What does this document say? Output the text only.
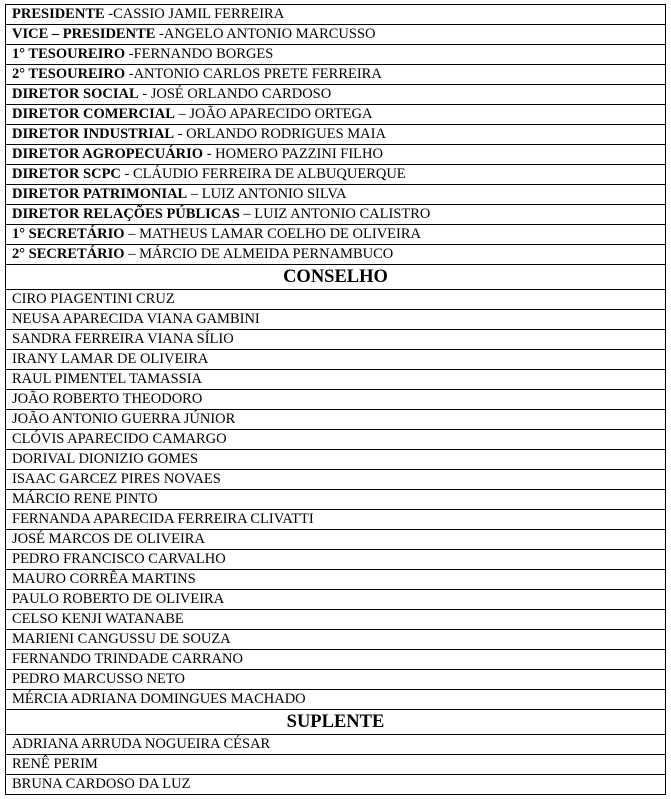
PRESIDENTE -CASSIO JAMIL FERREIRA
VICE – PRESIDENTE -ANGELO ANTONIO MARCUSSO
1° TESOUREIRO -FERNANDO BORGES
2° TESOUREIRO -ANTONIO CARLOS PRETE FERREIRA
DIRETOR SOCIAL - JOSÉ ORLANDO CARDOSO
DIRETOR COMERCIAL – JOÃO APARECIDO ORTEGA
DIRETOR INDUSTRIAL - ORLANDO RODRIGUES MAIA
DIRETOR AGROPECUÁRIO - HOMERO PAZZINI FILHO
DIRETOR SCPC - CLÁUDIO FERREIRA DE ALBUQUERQUE
DIRETOR PATRIMONIAL – LUIZ ANTONIO SILVA
DIRETOR RELAÇÕES PÚBLICAS – LUIZ ANTONIO CALISTRO
1° SECRETÁRIO – MATHEUS LAMAR COELHO DE OLIVEIRA
2° SECRETÁRIO – MÁRCIO DE ALMEIDA PERNAMBUCO
CONSELHO
CIRO PIAGENTINI CRUZ
NEUSA APARECIDA VIANA GAMBINI
SANDRA FERREIRA VIANA SÍLIO
IRANY LAMAR DE OLIVEIRA
RAUL PIMENTEL TAMASSIA
JOÃO ROBERTO THEODORO
JOÃO ANTONIO GUERRA JÚNIOR
CLÓVIS APARECIDO CAMARGO
DORIVAL DIONIZIO GOMES
ISAAC GARCEZ PIRES NOVAES
MÁRCIO RENE PINTO
FERNANDA APARECIDA FERREIRA CLIVATTI
JOSÉ MARCOS DE OLIVEIRA
PEDRO FRANCISCO CARVALHO
MAURO CORRÊA MARTINS
PAULO ROBERTO DE OLIVEIRA
CELSO KENJI WATANABE
MARIENI CANGUSSU DE SOUZA
FERNANDO TRINDADE CARRANO
PEDRO MARCUSSO NETO
MÉRCIA ADRIANA DOMINGUES MACHADO
SUPLENTE
ADRIANA ARRUDA NOGUEIRA CÉSAR
RENÊ PERIM
BRUNA CARDOSO DA LUZ
